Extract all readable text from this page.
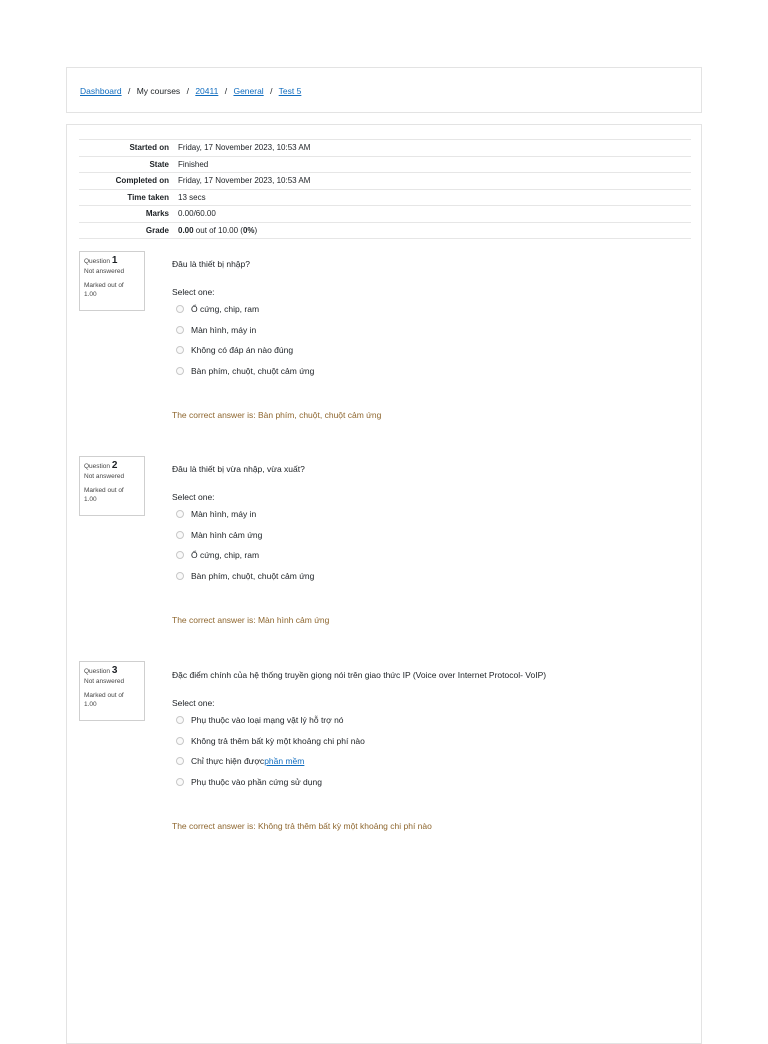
Dashboard / My courses / 20411 / General / Test 5
Started on	Friday, 17 November 2023, 10:53 AM
State	Finished
Completed on	Friday, 17 November 2023, 10:53 AM
Time taken	13 secs
Marks	0.00/60.00
Grade	0.00 out of 10.00 (0%)
Question 1
Not answered
Marked out of
1.00
Đâu là thiết bị nhập?
Select one:
Ổ cứng, chip, ram
Màn hình, máy in
Không có đáp án nào đúng
Bàn phím, chuột, chuột cảm ứng
The correct answer is: Bàn phím, chuột, chuột cảm ứng
Question 2
Not answered
Marked out of
1.00
Đâu là thiết bị vừa nhập, vừa xuất?
Select one:
Màn hình, máy in
Màn hình cảm ứng
Ổ cứng, chip, ram
Bàn phím, chuột, chuột cảm ứng
The correct answer is: Màn hình cảm ứng
Question 3
Not answered
Marked out of
1.00
Đặc điểm chính của hệ thống truyền giọng nói trên giao thức IP (Voice over Internet Protocol- VoIP)
Select one:
Phụ thuộc vào loại mạng vật lý hỗ trợ nó
Không trả thêm bất kỳ một khoảng chi phí nào
Chỉ thực hiện được phần mềm
Phụ thuộc vào phần cứng sử dụng
The correct answer is: Không trả thêm bất kỳ một khoảng chi phí nào
